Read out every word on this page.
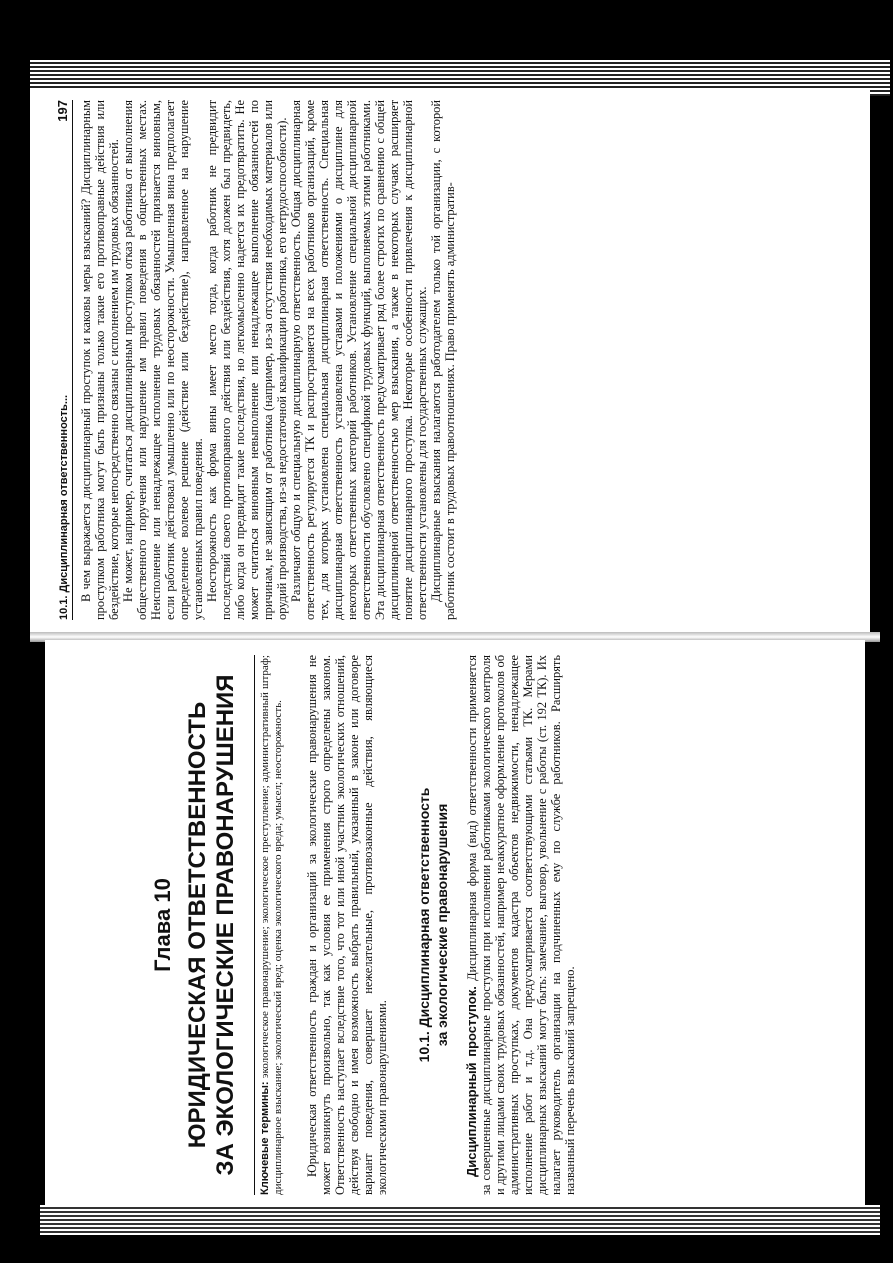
Глава 10 ЮРИДИЧЕСКАЯ ОТВЕТСТВЕННОСТЬ ЗА ЭКОЛОГИЧЕСКИЕ ПРАВОНАРУШЕНИЯ Ключевые термины: экологическое правонарушение; экологическое преступление; административный штраф; дисциплинарное взыскание; экологический вред; оценка экологического вреда; умысел; неосторожность. Юридическая ответственность граждан и организаций за экологические правонарушения не может возникнуть произвольно, так как условия ее применения строго определены законом. Ответственность наступает вследствие того, что тот или иной участник экологических отношений, действуя свободно и имея возможность выбрать правильный, указанный в законе или договоре вариант поведения, совершает нежелательные, противозаконные действия, являющиеся экологическими правонарушениями.

10.1. Дисциплинарная ответственность за экологические правонарушения

Дисциплинарный проступок. Дисциплинарная форма (вид) ответственности применяется за совершенные дисциплинарные проступки при исполнении работниками экологического контроля и другими лицами своих трудовых обязанностей, например неаккуратное оформление протоколов об административных проступках, документов кадастра объектов недвижимости, ненадлежащее исполнение работ и т.д. Она предусматривается соответствующими статьями ТК. Мерами дисциплинарных взысканий могут быть: замечание, выговор, увольнение с работы (ст. 192 ТК). Их налагает руководитель организации на подчиненных ему по службе работников. Расширять названный перечень взысканий запрещено.

10.1. Дисциплинарная ответственность...
197 В чем выражается дисциплинарный проступок и каковы меры взысканий? Дисциплинарным проступком работника могут быть признаны только такие его противоправные действия или бездействие, которые непосредственно связаны с исполнением им трудовых обязанностей. Не может, например, считаться дисциплинарным проступком отказ работника от выполнения общественного поручения или нарушение им правил поведения в общественных местах. Неисполнение или ненадлежащее исполнение трудовых обязанностей признается виновным, если работник действовал умышленно или по неосторожности. Умышленная вина предполагает определенное волевое решение (действие или бездействие), направленное на нарушение установленных правил поведения. Неосторожность как форма вины имеет место тогда, когда работник не предвидит последствий своего противоправного действия или бездействия, хотя должен был предвидеть, либо когда он предвидит такие последствия, но легкомысленно надеется их предотвратить. Не может считаться виновным невыполнение или ненадлежащее выполнение обязанностей по причинам, не зависящим от работника (например, из-за отсутствия необходимых материалов или орудий производства, из-за недостаточной квалификации работника, его нетрудоспособности). Различают общую и специальную дисциплинарную ответственность. Общая дисциплинарная ответственность регулируется ТК и распространяется на всех работников организаций, кроме тех, для которых установлена специальная дисциплинарная ответственность. Специальная дисциплинарная ответственность установлена уставами и положениями о дисциплине для некоторых ответственных категорий работников. Установление специальной дисциплинарной ответственности обусловлено спецификой трудовых функций, выполняемых этими работниками. Эта дисциплинарная ответственность предусматривает ряд более строгих по сравнению с общей дисциплинарной ответственностью мер взыскания, а также в некоторых случаях расширяет понятие дисциплинарного проступка. Некоторые особенности привлечения к дисциплинарной ответственности установлены для государственных служащих. Дисциплинарные взыскания налагаются работодателем только той организации, с которой работник состоит в трудовых правоотношениях. Право применять административ-
